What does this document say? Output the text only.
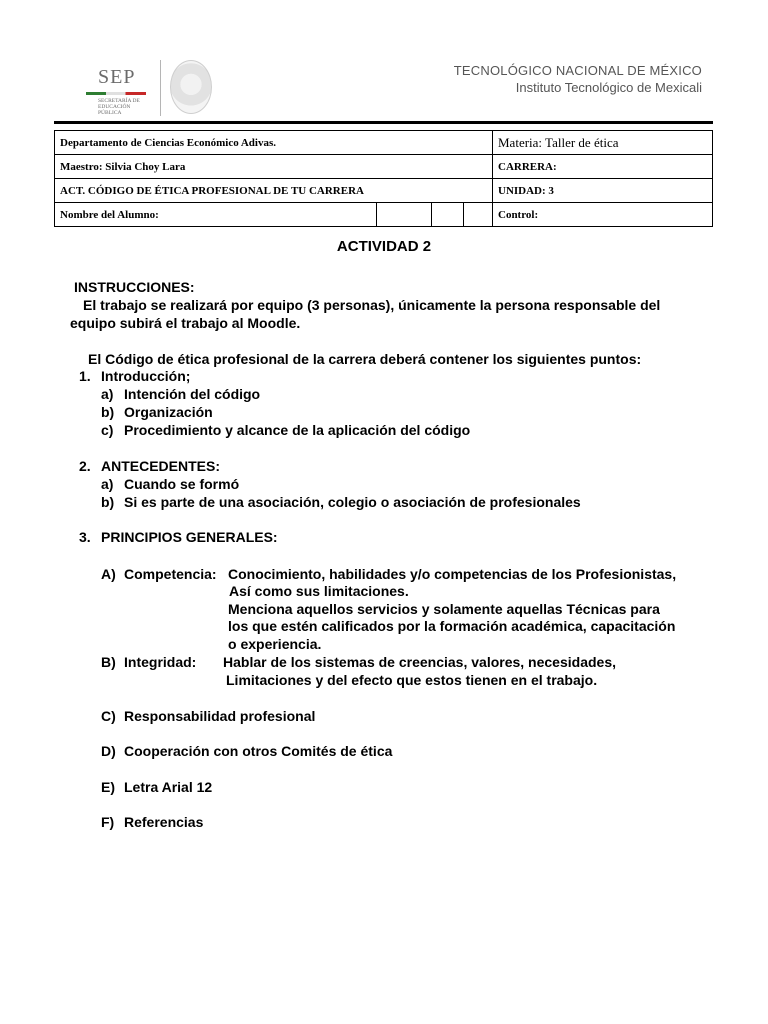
SEP
SECRETARÍA DE EDUCACIÓN PÚBLICA
TECNOLÓGICO NACIONAL DE MÉXICO
Instituto Tecnológico de Mexicali
Departamento de Ciencias Económico Adivas.				Materia: Taller de ética
Maestro: Silvia Choy Lara				CARRERA:
ACT. CÓDIGO DE ÉTICA PROFESIONAL DE TU CARRERA				UNIDAD: 3
Nombre del Alumno:				Control:
ACTIVIDAD 2
INSTRUCCIONES:
El trabajo se realizará por equipo (3 personas), únicamente la persona responsable del
equipo subirá el trabajo al Moodle.
El Código de ética profesional de la carrera deberá contener los siguientes puntos:
1. Introducción;
a) Intención del código
b) Organización
c) Procedimiento y alcance de la aplicación del código
2. ANTECEDENTES:
a) Cuando se formó
b) Si es parte de una asociación, colegio o asociación de profesionales
3. PRINCIPIOS GENERALES:
A) Competencia: Conocimiento, habilidades y/o competencias de los Profesionistas,
Así como sus limitaciones.
Menciona aquellos servicios y solamente aquellas Técnicas para
los que estén calificados por la formación académica, capacitación
o experiencia.
B) Integridad: Hablar de los sistemas de creencias, valores, necesidades,
Limitaciones y del efecto que estos tienen en el trabajo.
C) Responsabilidad profesional
D) Cooperación con otros Comités de ética
E) Letra Arial 12
F) Referencias
